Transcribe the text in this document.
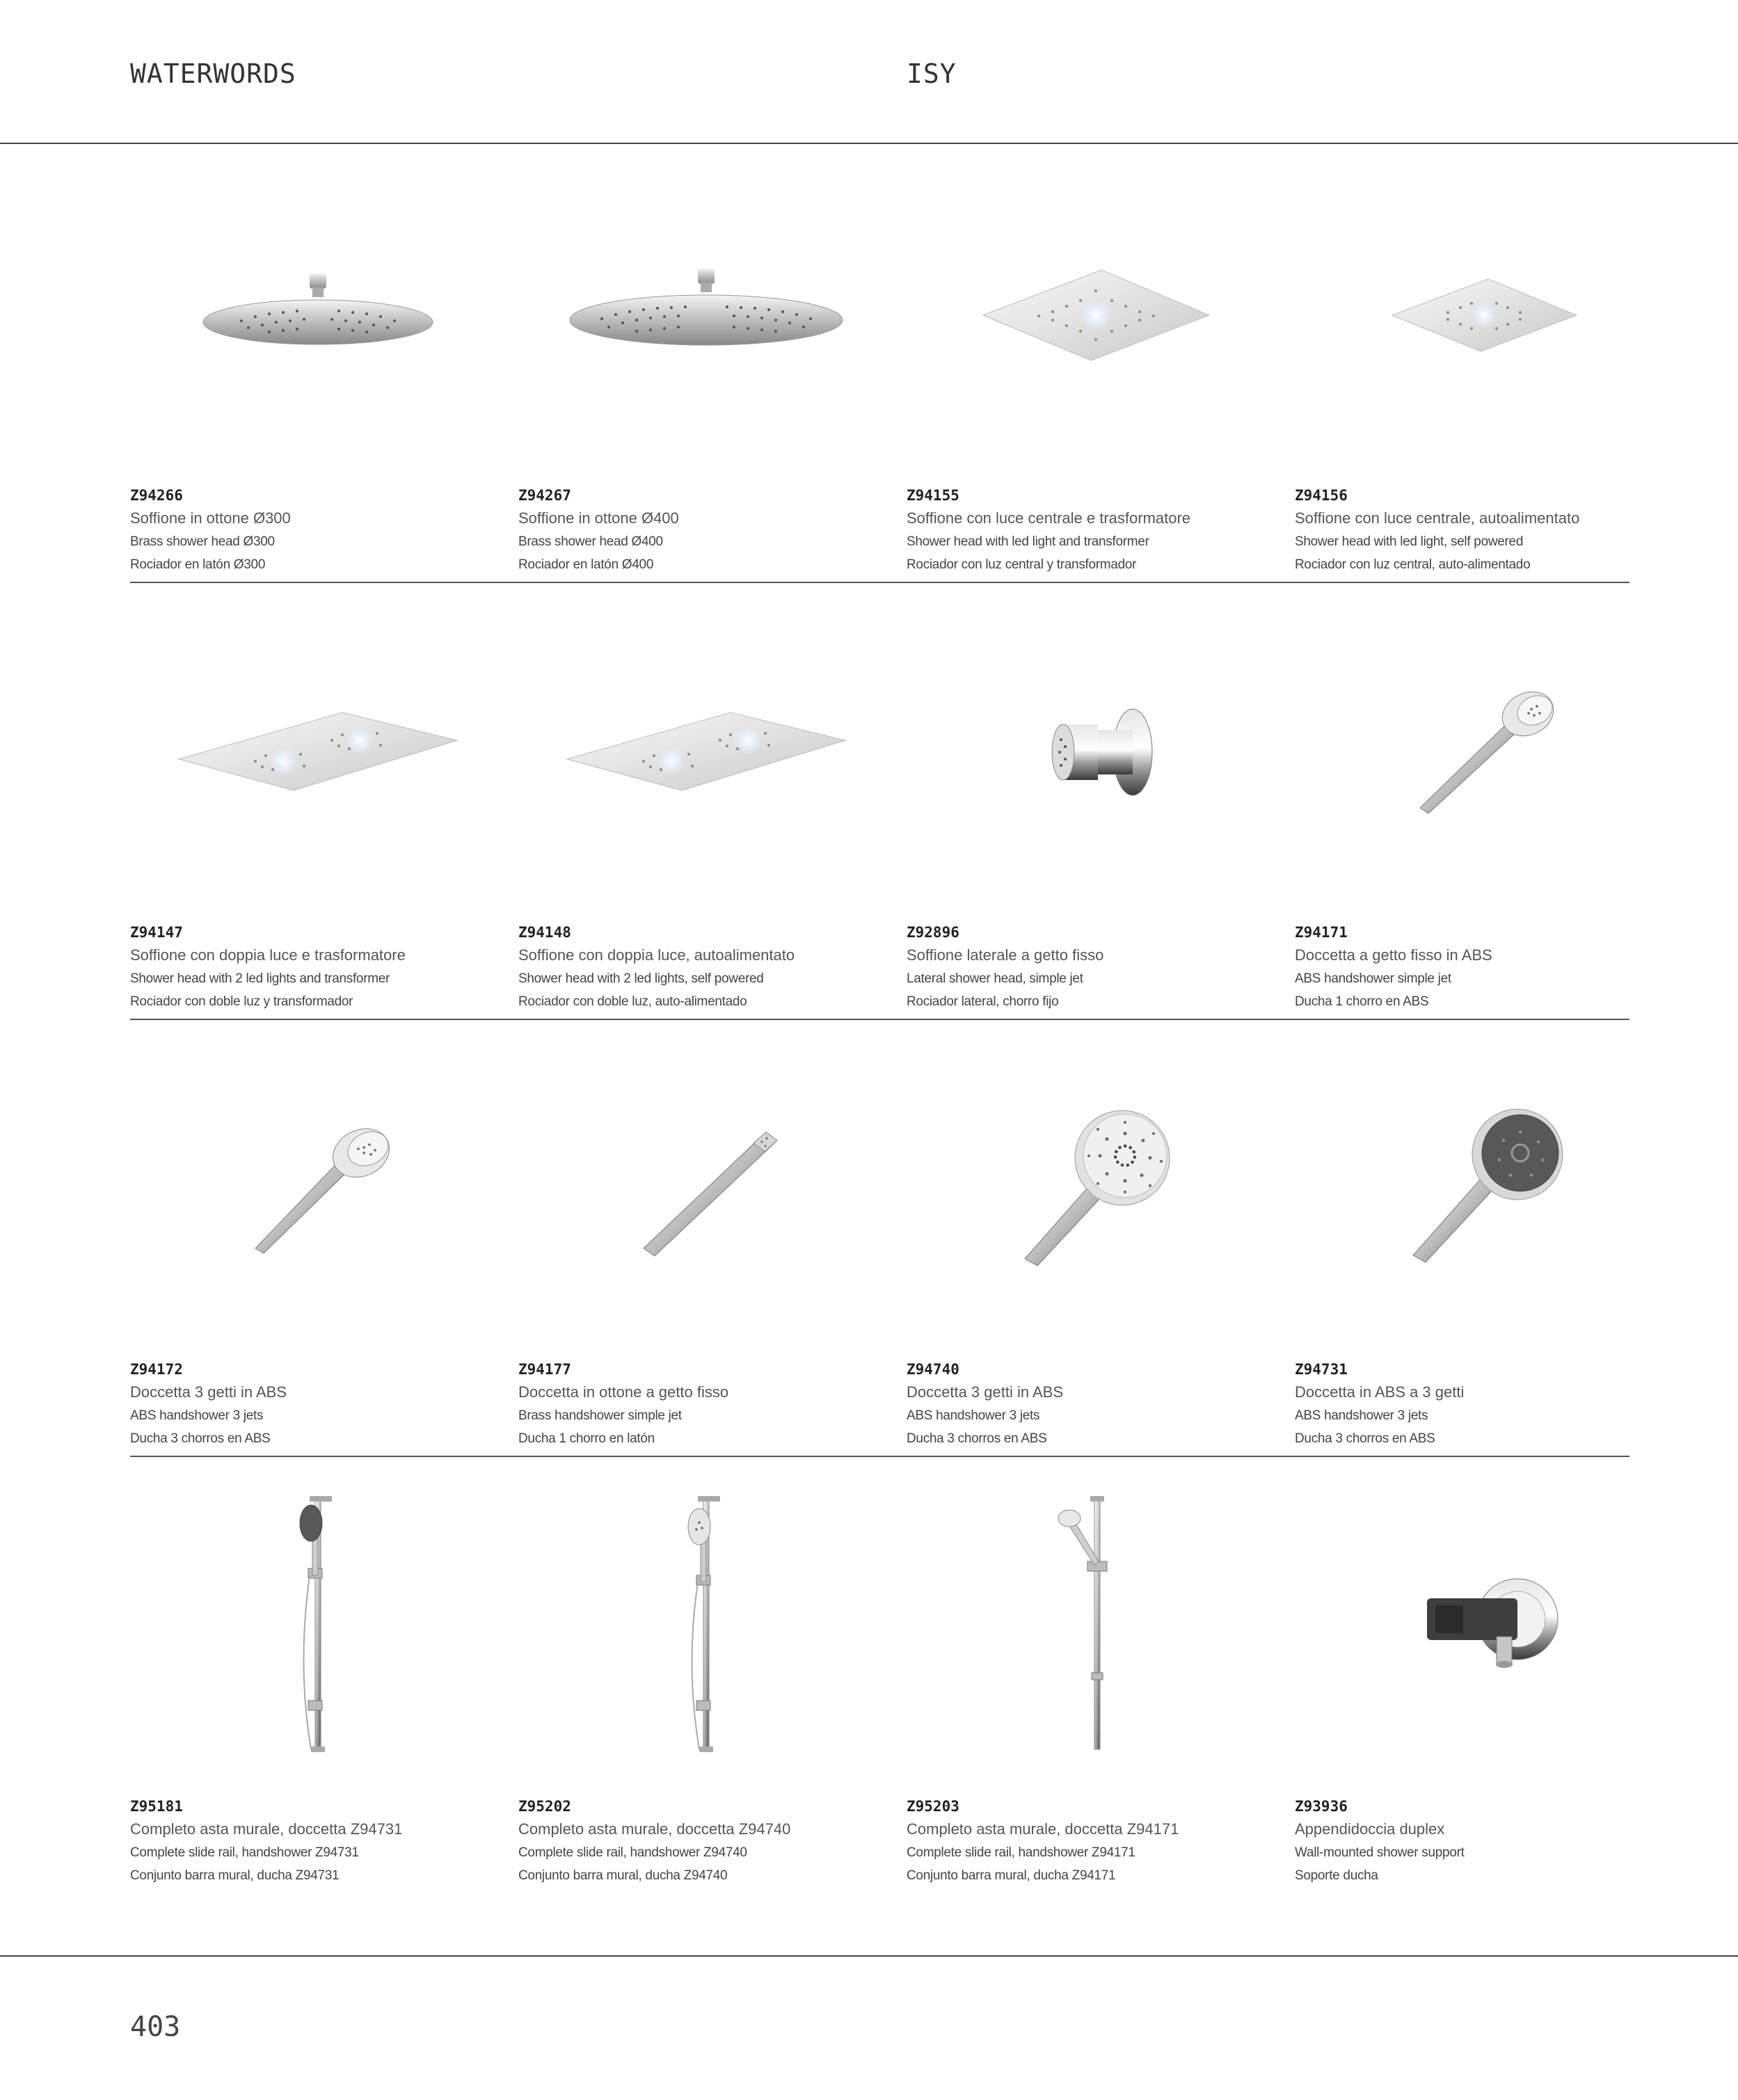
WATERWORDS	ISY
Z94266
Soffione in ottone Ø300
Brass shower head Ø300
Rociador en latón Ø300
Z94267
Soffione in ottone Ø400
Brass shower head Ø400
Rociador en latón Ø400
Z94155
Soffione con luce centrale e trasformatore
Shower head with led light and transformer
Rociador con luz central y transformador
Z94156
Soffione con luce centrale, autoalimentato
Shower head with led light, self powered
Rociador con luz central, auto-alimentado
Z94147
Soffione con doppia luce e trasformatore
Shower head with 2 led lights and transformer
Rociador con doble luz y transformador
Z94148
Soffione con doppia luce, autoalimentato
Shower head with 2 led lights, self powered
Rociador con doble luz, auto-alimentado
Z92896
Soffione laterale a getto fisso
Lateral shower head, simple jet
Rociador lateral, chorro fijo
Z94171
Doccetta a getto fisso in ABS
ABS handshower simple jet
Ducha 1 chorro en ABS
Z94172
Doccetta 3 getti in ABS
ABS handshower 3 jets
Ducha 3 chorros en ABS
Z94177
Doccetta in ottone a getto fisso
Brass handshower simple jet
Ducha 1 chorro en latón
Z94740
Doccetta 3 getti in ABS
ABS handshower 3 jets
Ducha 3 chorros en ABS
Z94731
Doccetta in ABS a 3 getti
ABS handshower 3 jets
Ducha 3 chorros en ABS
Z95181
Completo asta murale, doccetta Z94731
Complete slide rail, handshower Z94731
Conjunto barra mural, ducha Z94731
Z95202
Completo asta murale, doccetta Z94740
Complete slide rail, handshower Z94740
Conjunto barra mural, ducha Z94740
Z95203
Completo asta murale, doccetta Z94171
Complete slide rail, handshower Z94171
Conjunto barra mural, ducha Z94171
Z93936
Appendidoccia duplex
Wall-mounted shower support
Soporte ducha
403
